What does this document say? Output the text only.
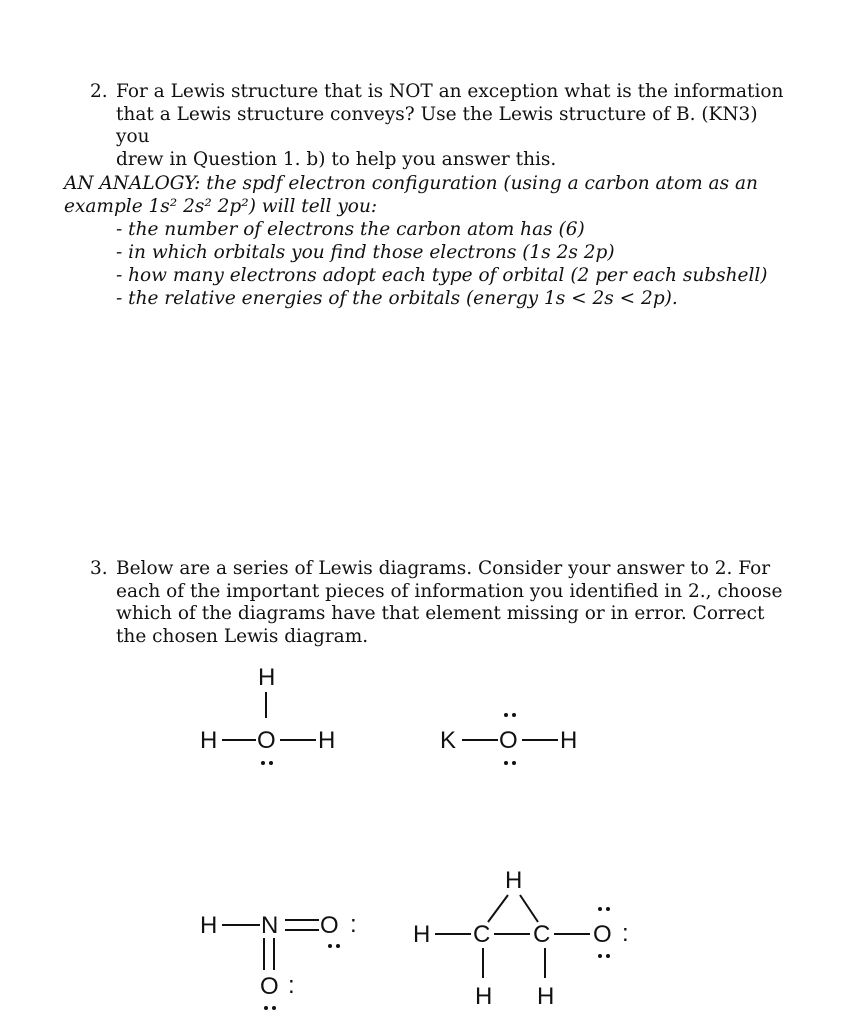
2. For a Lewis structure that is NOT an exception what is the information
that a Lewis structure conveys? Use the Lewis structure of B. (KN3) you
drew in Question 1. b) to help you answer this.
AN ANALOGY: the spdf electron configuration (using a carbon atom as an
example 1s² 2s² 2p²) will tell you:
- the number of electrons the carbon atom has (6)
- in which orbitals you find those electrons (1s 2s 2p)
- how many electrons adopt each type of orbital (2 per each subshell)
- the relative energies of the orbitals (energy 1s < 2s < 2p).
3. Below are a series of Lewis diagrams. Consider your answer to 2. For
each of the important pieces of information you identified in 2., choose
which of the diagrams have that element missing or in error. Correct
the chosen Lewis diagram.
H
H O H	K O H
H N O :
O :
H
H C C O :
H H
